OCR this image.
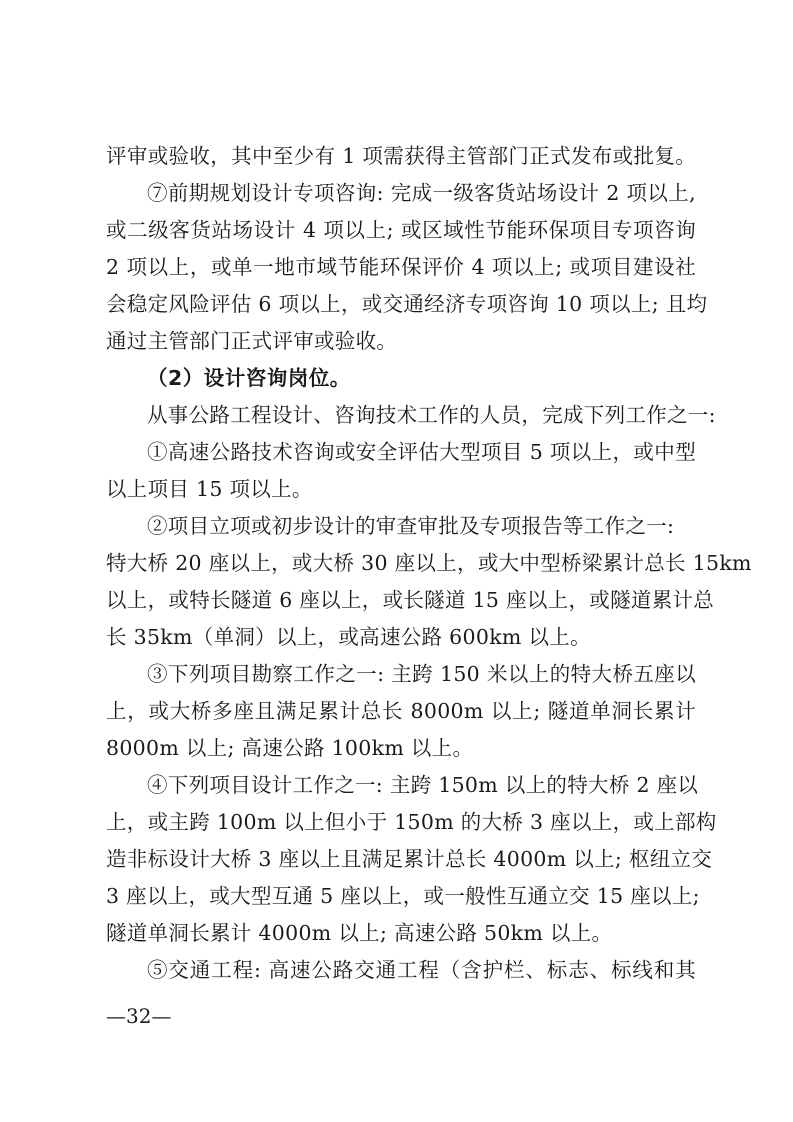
评审或验收，其中至少有 1 项需获得主管部门正式发布或批复。
⑦前期规划设计专项咨询: 完成一级客货站场设计 2 项以上,
或二级客货站场设计 4 项以上; 或区域性节能环保项目专项咨询
2 项以上，或单一地市域节能环保评价 4 项以上; 或项目建设社
会稳定风险评估 6 项以上，或交通经济专项咨询 10 项以上; 且均
通过主管部门正式评审或验收。
（2）设计咨询岗位。
从事公路工程设计、咨询技术工作的人员，完成下列工作之一:
①高速公路技术咨询或安全评估大型项目 5 项以上，或中型
以上项目 15 项以上。
②项目立项或初步设计的审查审批及专项报告等工作之一:
特大桥 20 座以上，或大桥 30 座以上，或大中型桥梁累计总长 15km
以上，或特长隧道 6 座以上，或长隧道 15 座以上，或隧道累计总
长 35km（单洞）以上，或高速公路 600km 以上。
③下列项目勘察工作之一: 主跨 150 米以上的特大桥五座以
上，或大桥多座且满足累计总长 8000m 以上; 隧道单洞长累计
8000m 以上; 高速公路 100km 以上。
④下列项目设计工作之一: 主跨 150m 以上的特大桥 2 座以
上，或主跨 100m 以上但小于 150m 的大桥 3 座以上，或上部构
造非标设计大桥 3 座以上且满足累计总长 4000m 以上; 枢纽立交
3 座以上，或大型互通 5 座以上，或一般性互通立交 15 座以上;
隧道单洞长累计 4000m 以上; 高速公路 50km 以上。
⑤交通工程: 高速公路交通工程（含护栏、标志、标线和其
—32—
